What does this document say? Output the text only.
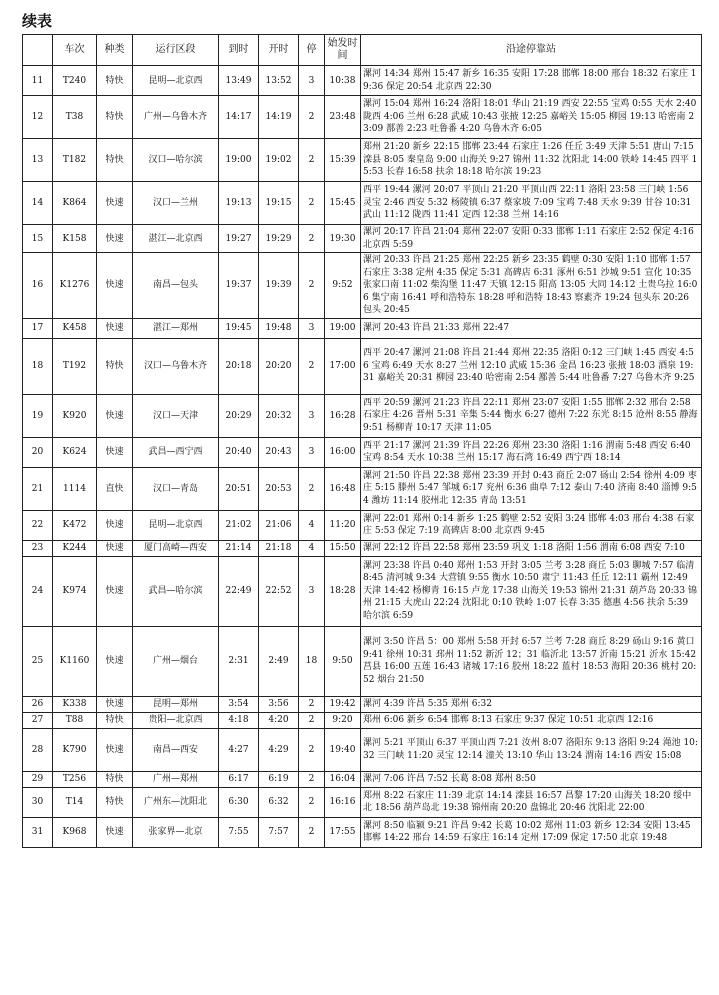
续表
	车次	种类	运行区段	到时	开时	停	始发时间	沿途停靠站
11	T240	特快	昆明—北京西	13:49	13:52	3	10:38	漯河 14:34 郑州 15:47 新乡 16:35 安阳 17:28 邯郸 18:00 邢台 18:32 石家庄 19:36 保定 20:54 北京西 22:30
12	T38	特快	广州—乌鲁木齐	14:17	14:19	2	23:48	漯河 15:04 郑州 16:24 洛阳 18:01 华山 21:19 西安 22:55 宝鸡 0:55 天水 2:40 陇西 4:06 兰州 6:28 武威 10:43 张掖 12:25 嘉峪关 15:05 柳园 19:13 哈密南 23:09 鄯善 2:23 吐鲁番 4:20 乌鲁木齐 6:05
13	T182	特快	汉口—哈尔滨	19:00	19:02	2	15:39	郑州 21:20 新乡 22:15 邯郸 23:44 石家庄 1:26 任丘 3:49 天津 5:51 唐山 7:15 滦县 8:05 秦皇岛 9:00 山海关 9:27 锦州 11:32 沈阳北 14:00 铁岭 14:45 四平 15:53 长春 16:58 扶余 18:18 哈尔滨 19:23
14	K864	快速	汉口—兰州	19:13	19:15	2	15:45	西平 19:44 漯河 20:07 平顶山 21:20 平顶山西 22:11 洛阳 23:58 三门峡 1:56 灵宝 2:46 西安 5:32 杨陵镇 6:37 蔡家坡 7:09 宝鸡 7:48 天水 9:39 甘谷 10:31 武山 11:12 陇西 11:41 定西 12:38 兰州 14:16
15	K158	快速	湛江—北京西	19:27	19:29	2	19:30	漯河 20:17 许昌 21:04 郑州 22:07 安阳 0:33 邯郸 1:11 石家庄 2:52 保定 4:16 北京西 5:59
16	K1276	快速	南昌—包头	19:37	19:39	2	9:52	漯河 20:33 许昌 21:25 郑州 22:25 新乡 23:35 鹤壁 0:30 安阳 1:10 邯郸 1:57 石家庄 3:38 定州 4:35 保定 5:31 高碑店 6:31 涿州 6:51 沙城 9:51 宣化 10:35 张家口南 11:02 柴沟堡 11:47 天镇 12:15 阳高 13:05 大同 14:12 土贵乌拉 16:06 集宁南 16:41 呼和浩特东 18:28 呼和浩特 18:43 察素齐 19:24 包头东 20:26 包头 20:45
17	K458	快速	湛江—郑州	19:45	19:48	3	19:00	漯河 20:43 许昌 21:33 郑州 22:47
18	T192	特快	汉口—乌鲁木齐	20:18	20:20	2	17:00	西平 20:47 漯河 21:08 许昌 21:44 郑州 22:35 洛阳 0:12 三门峡 1:45 西安 4:56 宝鸡 6:49 天水 8:27 兰州 12:10 武威 15:36 金昌 16:23 张掖 18:03 酒泉 19:31 嘉峪关 20:31 柳园 23:40 哈密南 2:54 鄯善 5:44 吐鲁番 7:27 乌鲁木齐 9:25
19	K920	快速	汉口—天津	20:29	20:32	3	16:28	西平 20:59 漯河 21:23 许昌 22:11 郑州 23:07 安阳 1:55 邯郸 2:32 邢台 2:58 石家庄 4:26 晋州 5:31 辛集 5:44 衡水 6:27 德州 7:22 东光 8:15 沧州 8:55 静海 9:51 杨柳青 10:17 天津 11:05
20	K624	快速	武昌—西宁西	20:40	20:43	3	16:00	西平 21:17 漯河 21:39 许昌 22:26 郑州 23:30 洛阳 1:16 渭南 5:48 西安 6:40 宝鸡 8:54 天水 10:38 兰州 15:17 海石湾 16:49 西宁西 18:14
21	1114	直快	汉口—青岛	20:51	20:53	2	16:48	漯河 21:50 许昌 22:38 郑州 23:39 开封 0:43 商丘 2:07 砀山 2:54 徐州 4:09 枣庄 5:15 滕州 5:47 邹城 6:17 兖州 6:36 曲阜 7:12 泰山 7:40 济南 8:40 淄博 9:54 潍坊 11:14 胶州北 12:35 青岛 13:51
22	K472	快速	昆明—北京西	21:02	21:06	4	11:20	漯河 22:01 郑州 0:14 新乡 1:25 鹤壁 2:52 安阳 3:24 邯郸 4:03 邢台 4:38 石家庄 5:53 保定 7:19 高碑店 8:00 北京西 9:45
23	K244	快速	厦门高崎—西安	21:14	21:18	4	15:50	漯河 22:12 许昌 22:58 郑州 23:59 巩义 1:18 洛阳 1:56 渭南 6:08 西安 7:10
24	K974	快速	武昌—哈尔滨	22:49	22:52	3	18:28	漯河 23:38 许昌 0:40 郑州 1:53 开封 3:05 兰考 3:28 商丘 5:03 聊城 7:57 临清 8:45 清河城 9:34 大营镇 9:55 衡水 10:50 肃宁 11:43 任丘 12:11 霸州 12:49 天津 14:42 杨柳青 16:15 卢龙 17:38 山海关 19:53 锦州 21:31 葫芦岛 20:33 锦州 21:15 大虎山 22:24 沈阳北 0:10 铁岭 1:07 长春 3:35 德惠 4:56 扶余 5:39 哈尔滨 6:59
25	K1160	快速	广州—烟台	2:31	2:49	18	9:50	漯河 3:50 许昌 5：00 郑州 5:58 开封 6:57 兰考 7:28 商丘 8:29 砀山 9:16 黄口 9:41 徐州 10:31 邳州 11:52 新沂 12；31 临沂北 13:57 沂南 15:21 沂水 15:42 莒县 16:00 五莲 16:43 诸城 17:16 胶州 18:22 蓝村 18:53 海阳 20:36 桃村 20:52 烟台 21:50
26	K338	快速	昆明—郑州	3:54	3:56	2	19:42	漯河 4:39 许昌 5:35 郑州 6:32
27	T88	特快	贵阳—北京西	4:18	4:20	2	9:20	郑州 6:06 新乡 6:54 邯郸 8:13 石家庄 9:37 保定 10:51 北京西 12:16
28	K790	快速	南昌—西安	4:27	4:29	2	19:40	漯河 5:21 平顶山 6:37 平顶山西 7:21 汝州 8:07 洛阳东 9:13 洛阳 9:24 渑池 10:32 三门峡 11:20 灵宝 12:14 潼关 13:10 华山 13:24 渭南 14:16 西安 15:08
29	T256	特快	广州—郑州	6:17	6:19	2	16:04	漯河 7:06 许昌 7:52 长葛 8:08 郑州 8:50
30	T14	特快	广州东—沈阳北	6:30	6:32	2	16:16	郑州 8:22 石家庄 11:39 北京 14:14 滦县 16:57 昌黎 17:20 山海关 18:20 绥中北 18:56 葫芦岛北 19:38 锦州南 20:20 盘锦北 20:46 沈阳北 22:00
31	K968	快速	张家界—北京	7:55	7:57	2	17:55	漯河 8:50 临颍 9:21 许昌 9:42 长葛 10:02 郑州 11:03 新乡 12:34 安阳 13:45 邯郸 14:22 邢台 14:59 石家庄 16:14 定州 17:09 保定 17:50 北京 19:48
